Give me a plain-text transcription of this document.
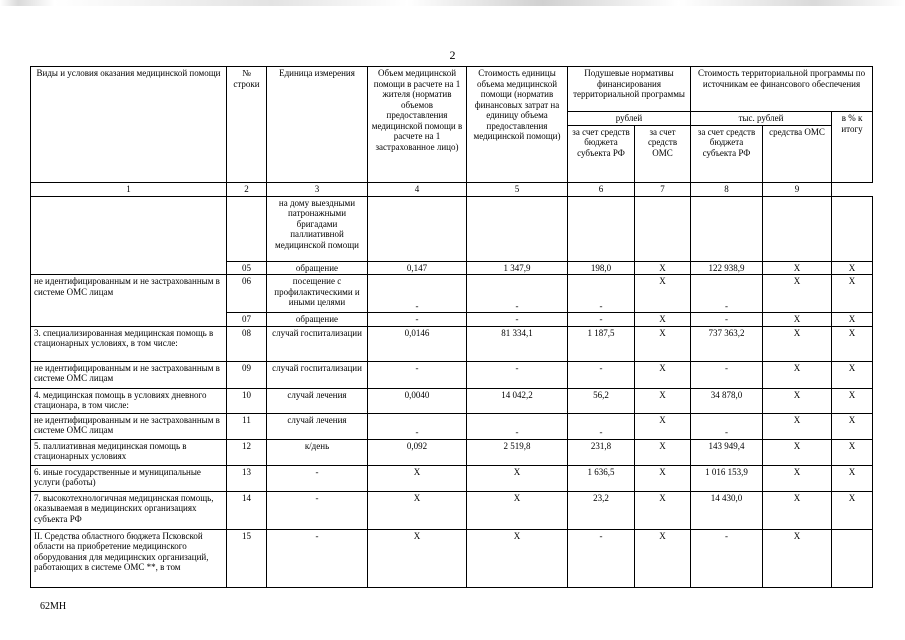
2
Виды и условия оказания медицинской помощи	№ строки	Единица измерения	Объем медицинской помощи в расчете на 1 жителя (норматив объемов предоставления медицинской помощи в расчете на 1 застрахованное лицо)	Стоимость единицы объема медицинской помощи (норматив финансовых затрат на единицу объема предоставления медицинской помощи)	Подушевые нормативы финансирования территориальной программы		Стоимость территориальной программы по источникам ее финансового обеспечения		
					рублей		тыс. рублей		в % к итогу
					за счет средств бюджета субъекта РФ	за счет средств ОМС	за счет средств бюджета субъекта РФ	средства ОМС	
1	2	3	4	5	6	7	8	9
		на дому выездными патронажными бригадами паллиативной медицинской помощи							
	05	обращение	0,147	1 347,9	198,0	X	122 938,9	X	X
не идентифицированным и не застрахованным в системе ОМС лицам	06	посещение с профилактическими и иными целями	-	-	-	X	-	X	X
	07	обращение	-	-	-	X	-	X	X
3. специализированная медицинская помощь в стационарных условиях, в том числе:	08	случай госпитализации	0,0146	81 334,1	1 187,5	X	737 363,2	X	X
не идентифицированным и не застрахованным в системе ОМС лицам	09	случай госпитализации	-	-	-	X	-	X	X
4. медицинская помощь в условиях дневного стационара, в том числе:	10	случай лечения	0,0040	14 042,2	56,2	X	34 878,0	X	X
не идентифицированным и не застрахованным в системе ОМС лицам	11	случай лечения	-	-	-	X	-	X	X
5. паллиативная медицинская помощь в стационарных условиях	12	к/день	0,092	2 519,8	231,8	X	143 949,4	X	X
6. иные государственные и муниципальные услуги (работы)	13	-	X	X	1 636,5	X	1 016 153,9	X	X
7. высокотехнологичная медицинская помощь, оказываемая в медицинских организациях субъекта РФ	14	-	X	X	23,2	X	14 430,0	X	X
II. Средства областного бюджета Псковской области на приобретение медицинского оборудования для медицинских организаций, работающих в системе ОМС **, в том	15	-	X	X	-	X	-	X	
62МН
